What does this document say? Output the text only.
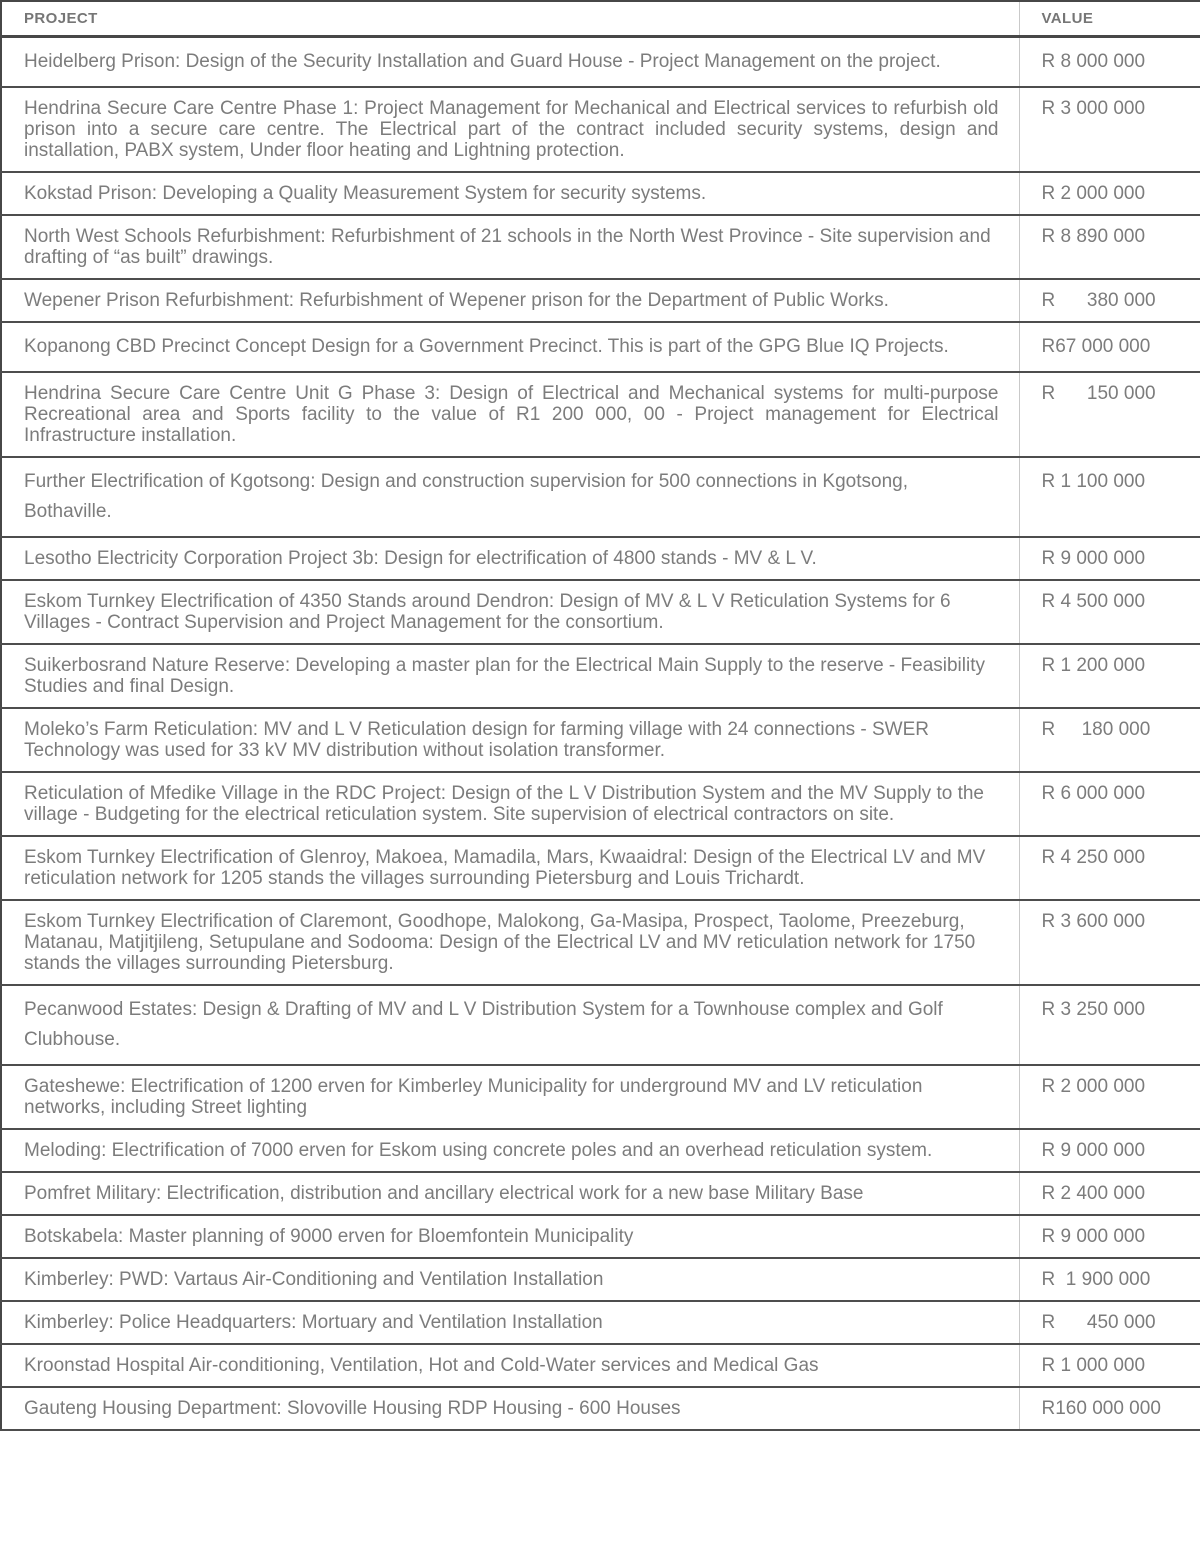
PROJECT	VALUE
Heidelberg Prison: Design of the Security Installation and Guard House - Project Management on the project.	R 8 000 000
Hendrina Secure Care Centre Phase 1: Project Management for Mechanical and Electrical services to refurbish old prison into a secure care centre. The Electrical part of the contract included security systems, design and installation, PABX system, Under floor heating and Lightning protection.	R 3 000 000
Kokstad Prison: Developing a Quality Measurement System for security systems.	R 2 000 000
North West Schools Refurbishment: Refurbishment of 21 schools in the North West Province - Site supervision and drafting of “as built” drawings.	R 8 890 000
Wepener Prison Refurbishment: Refurbishment of Wepener prison for the Department of Public Works.	R      380 000
Kopanong CBD Precinct Concept Design for a Government Precinct. This is part of the GPG Blue IQ Projects.	R67 000 000
Hendrina Secure Care Centre Unit G Phase 3: Design of Electrical and Mechanical systems for multi-purpose Recreational area and Sports facility to the value of R1 200 000, 00 - Project management for Electrical Infrastructure installation.	R      150 000
Further Electrification of Kgotsong: Design and construction supervision for 500 connections in Kgotsong, Bothaville.	R 1 100 000
Lesotho Electricity Corporation Project 3b: Design for electrification of 4800 stands - MV & L V.	R 9 000 000
Eskom Turnkey Electrification of 4350 Stands around Dendron: Design of MV & L V Reticulation Systems for 6 Villages - Contract Supervision and Project Management for the consortium.	R 4 500 000
Suikerbosrand Nature Reserve: Developing a master plan for the Electrical Main Supply to the reserve - Feasibility Studies and final Design.	R 1 200 000
Moleko’s Farm Reticulation: MV and L V Reticulation design for farming village with 24 connections - SWER Technology was used for 33 kV MV distribution without isolation transformer.	R     180 000
Reticulation of Mfedike Village in the RDC Project: Design of the L V Distribution System and the MV Supply to the village - Budgeting for the electrical reticulation system. Site supervision of electrical contractors on site.	R 6 000 000
Eskom Turnkey Electrification of Glenroy, Makoea, Mamadila, Mars, Kwaaidral: Design of the Electrical LV and MV reticulation network for 1205 stands the villages surrounding Pietersburg and Louis Trichardt.	R 4 250 000
Eskom Turnkey Electrification of Claremont, Goodhope, Malokong, Ga-Masipa, Prospect, Taolome, Preezeburg, Matanau, Matjitjileng, Setupulane and Sodooma: Design of the Electrical LV and MV reticulation network for 1750 stands the villages surrounding Pietersburg.	R 3 600 000
Pecanwood Estates: Design & Drafting of MV and L V Distribution System for a Townhouse complex and Golf Clubhouse.	R 3 250 000
Gateshewe: Electrification of 1200 erven for Kimberley Municipality for underground MV and LV reticulation networks, including Street lighting	R 2 000 000
Meloding: Electrification of 7000 erven for Eskom using concrete poles and an overhead reticulation system.	R 9 000 000
Pomfret Military: Electrification, distribution and ancillary electrical work for a new base Military Base	R 2 400 000
Botskabela: Master planning of 9000 erven for Bloemfontein Municipality	R 9 000 000
Kimberley: PWD: Vartaus Air-Conditioning and Ventilation Installation	R  1 900 000
Kimberley: Police Headquarters: Mortuary and Ventilation Installation	R      450 000
Kroonstad Hospital Air-conditioning, Ventilation, Hot and Cold-Water services and Medical Gas	R 1 000 000
Gauteng Housing Department: Slovoville Housing RDP Housing - 600 Houses	R160 000 000
